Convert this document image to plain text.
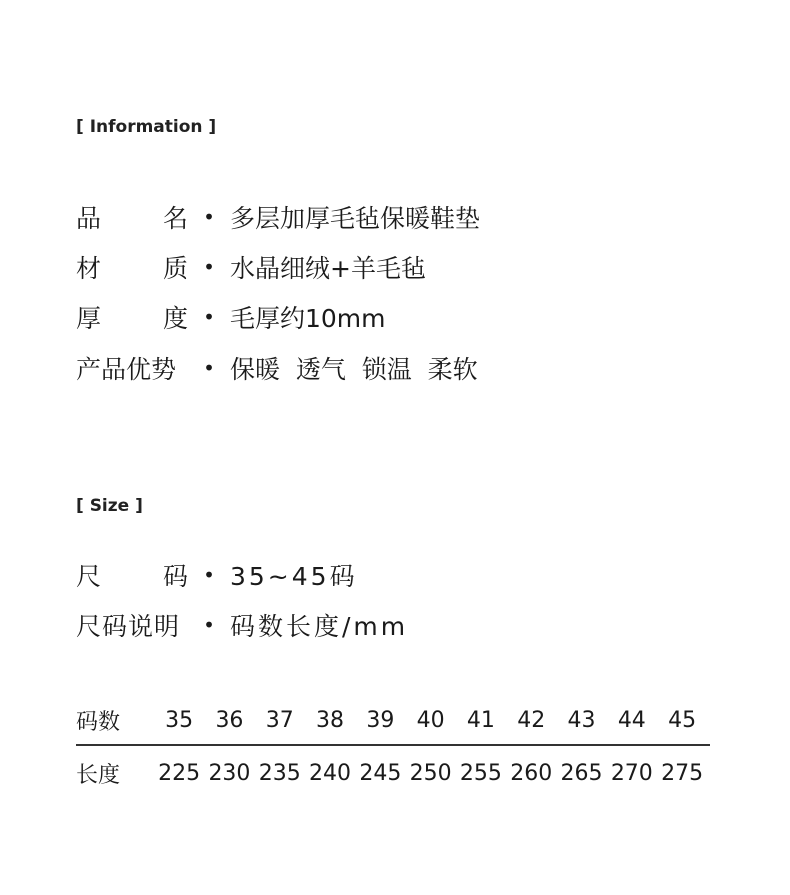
[ Information ]
品 名 • 多层加厚毛毡保暖鞋垫
材 质 • 水晶细绒+羊毛毡
厚 度 • 毛厚约10mm
产品优势	• 保暖  透气  锁温  柔软
[ Size ]
尺 码 • 35~45码
尺码说明	• 码数长度/mm
码数	35	36	37	38	39	40	41	42	43	44	45
长度	225 230 235 240 245 250 255 260 265 270 275
